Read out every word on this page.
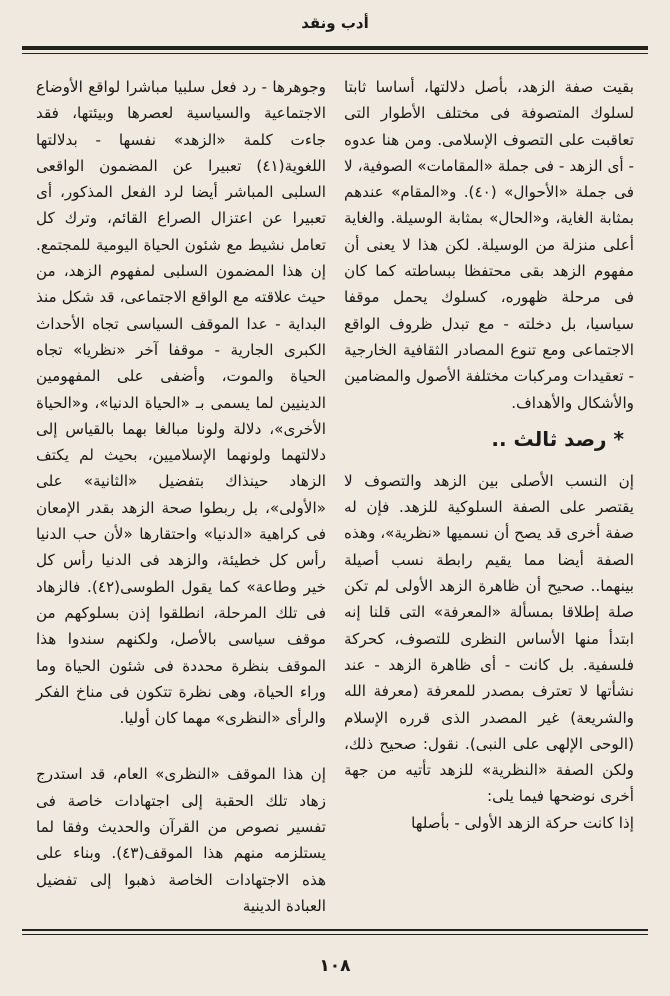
أدب ونقد

بقيت صفة الزهد، بأصل دلالتها، أساسا ثابتا لسلوك المتصوفة فى مختلف الأطوار التى تعاقبت على التصوف الإسلامى. ومن هنا عدوه - أى الزهد - فى جملة «المقامات» الصوفية، لا فى جملة «الأحوال» (٤٠). و«المقام» عندهم بمثابة الغاية، و«الحال» بمثابة الوسيلة. والغاية أعلى منزلة من الوسيلة. لكن هذا لا يعنى أن مفهوم الزهد بقى محتفظا ببساطته كما كان فى مرحلة ظهوره، كسلوك يحمل موقفا سياسيا، بل دخلته - مع تبدل ظروف الواقع الاجتماعى ومع تنوع المصادر الثقافية الخارجية - تعقيدات ومركبات مختلفة الأصول والمضامين والأشكال والأهداف.

* رصد ثالث ..

إن النسب الأصلى بين الزهد والتصوف لا يقتصر على الصفة السلوكية للزهد. فإن له صفة أخرى قد يصح أن نسميها «نظرية»، وهذه الصفة أيضا مما يقيم رابطة نسب أصيلة بينهما.. صحيح أن ظاهرة الزهد الأولى لم تكن صلة إطلاقا بمسألة «المعرفة» التى قلنا إنه ابتدأ منها الأساس النظرى للتصوف، كحركة فلسفية. بل كانت - أى ظاهرة الزهد - عند نشأتها لا تعترف بمصدر للمعرفة (معرفة الله والشريعة) غير المصدر الذى قرره الإسلام (الوحى الإلهى على النبى). نقول: صحيح ذلك، ولكن الصفة «النظرية» للزهد تأتيه من جهة أخرى نوضحها فيما يلى:

إذا كانت حركة الزهد الأولى - بأصلها

وجوهرها - رد فعل سلبيا مباشرا لواقع الأوضاع الاجتماعية والسياسية لعصرها وبيئتها، فقد جاءت كلمة «الزهد» نفسها - بدلالتها اللغوية(٤١) تعبيرا عن المضمون الواقعى السلبى المباشر أيضا لرد الفعل المذكور، أى تعبيرا عن اعتزال الصراع القائم، وترك كل تعامل نشيط مع شئون الحياة اليومية للمجتمع. إن هذا المضمون السلبى لمفهوم الزهد، من حيث علاقته مع الواقع الاجتماعى، قد شكل منذ البداية - عدا الموقف السياسى تجاه الأحداث الكبرى الجارية - موقفا آخر «نظريا» تجاه الحياة والموت، وأضفى على المفهومين الدينيين لما يسمى بـ «الحياة الدنيا»، و«الحياة الأخرى»، دلالة ولونا مبالغا بهما بالقياس إلى دلالتهما ولونهما الإسلاميين، بحيث لم يكتف الزهاد حينذاك بتفضيل «الثانية» على «الأولى»، بل ربطوا صحة الزهد بقدر الإمعان فى كراهية «الدنيا» واحتقارها «لأن حب الدنيا رأس كل خطيئة، والزهد فى الدنيا رأس كل خير وطاعة» كما يقول الطوسى(٤٢). فالزهاد فى تلك المرحلة، انطلقوا إذن بسلوكهم من موقف سياسى بالأصل، ولكنهم سندوا هذا الموقف بنظرة محددة فى شئون الحياة وما وراء الحياة، وهى نظرة تتكون فى مناخ الفكر والرأى «النظرى» مهما كان أوليا.

إن هذا الموقف «النظرى» العام، قد استدرج زهاد تلك الحقبة إلى اجتهادات خاصة فى تفسير نصوص من القرآن والحديث وفقا لما يستلزمه منهم هذا الموقف(٤٣). وبناء على هذه الاجتهادات الخاصة ذهبوا إلى تفضيل العبادة الدينية

١٠٨
